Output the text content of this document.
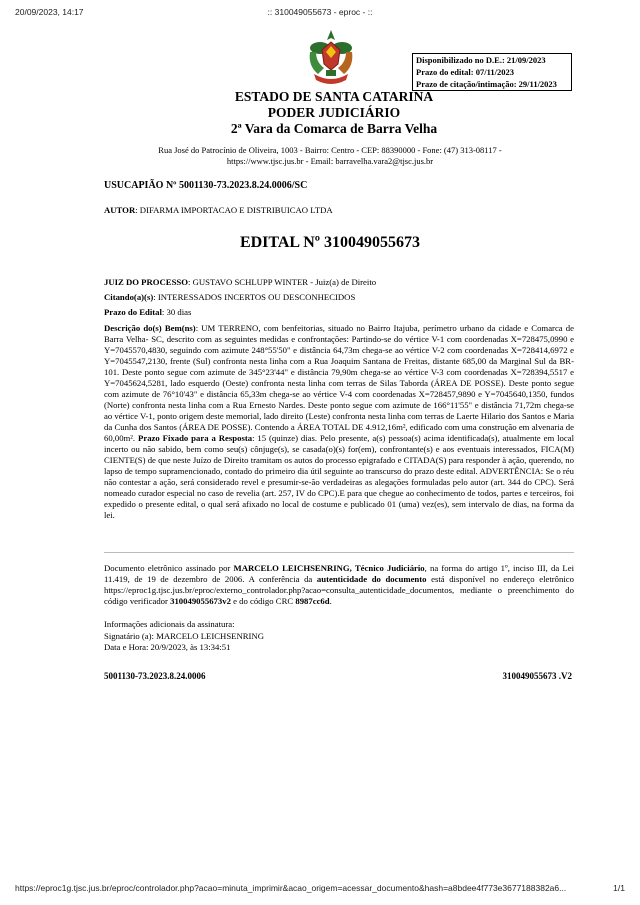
20/09/2023, 14:17	:: 310049055673 - eproc - ::
Disponibilizado no D.E.: 21/09/2023
Prazo do edital: 07/11/2023
Prazo de citação/intimação: 29/11/2023
ESTADO DE SANTA CATARINA
PODER JUDICIÁRIO
2ª Vara da Comarca de Barra Velha
Rua José do Patrocínio de Oliveira, 1003 - Bairro: Centro - CEP: 88390000 - Fone: (47) 313-08117 -
https://www.tjsc.jus.br - Email: barravelha.vara2@tjsc.jus.br
USUCAPIÃO Nº 5001130-73.2023.8.24.0006/SC
AUTOR: DIFARMA IMPORTACAO E DISTRIBUICAO LTDA
EDITAL Nº 310049055673
JUIZ DO PROCESSO: GUSTAVO SCHLUPP WINTER - Juiz(a) de Direito
Citando(a)(s): INTERESSADOS INCERTOS OU DESCONHECIDOS
Prazo do Edital: 30 dias
Descrição do(s) Bem(ns): UM TERRENO, com benfeitorias, situado no Bairro Itajuba, perímetro urbano da cidade e Comarca de Barra Velha- SC, descrito com as seguintes medidas e confrontações: Partindo-se do vértice V-1 com coordenadas X=728475,0990 e Y=7045570,4830, seguindo com azimute 248°55'50" e distância 64,73m chega-se ao vértice V-2 com coordenadas X=728414,6972 e Y=7045547,2130, frente (Sul) confronta nesta linha com a Rua Joaquim Santana de Freitas, distante 685,00 da Marginal Sul da BR-101. Deste ponto segue com azimute de 345°23'44" e distância 79,90m chega-se ao vértice V-3 com coordenadas X=728394,5517 e Y=7045624,5281, lado esquerdo (Oeste) confronta nesta linha com terras de Silas Taborda (ÁREA DE POSSE). Deste ponto segue com azimute de 76°10'43" e distância 65,33m chega-se ao vértice V-4 com coordenadas X=728457,9890 e Y=7045640,1350, fundos (Norte) confronta nesta linha com a Rua Ernesto Nardes. Deste ponto segue com azimute de 166°11'55" e distância 71,72m chega-se ao vértice V-1, ponto origem deste memorial, lado direito (Leste) confronta nesta linha com terras de Laerte Hilario dos Santos e Maria da Cunha dos Santos (ÁREA DE POSSE). Contendo a ÁREA TOTAL DE 4.912,16m², edificado com uma construção em alvenaria de 60,00m². Prazo Fixado para a Resposta: 15 (quinze) dias. Pelo presente, a(s) pessoa(s) acima identificada(s), atualmente em local incerto ou não sabido, bem como seu(s) cônjuge(s), se casada(o)(s) for(em), confrontante(s) e aos eventuais interessados, FICA(M) CIENTE(S) de que neste Juízo de Direito tramitam os autos do processo epigrafado e CITADA(S) para responder à ação, querendo, no lapso de tempo supramencionado, contado do primeiro dia útil seguinte ao transcurso do prazo deste edital. ADVERTÊNCIA: Se o réu não contestar a ação, será considerado revel e presumir-se-ão verdadeiras as alegações formuladas pelo autor (art. 344 do CPC). Será nomeado curador especial no caso de revelia (art. 257, IV do CPC).E para que chegue ao conhecimento de todos, partes e terceiros, foi expedido o presente edital, o qual será afixado no local de costume e publicado 01 (uma) vez(es), sem intervalo de dias, na forma da lei.
Documento eletrônico assinado por MARCELO LEICHSENRING, Técnico Judiciário, na forma do artigo 1º, inciso III, da Lei 11.419, de 19 de dezembro de 2006. A conferência da autenticidade do documento está disponível no endereço eletrônico https://eproc1g.tjsc.jus.br/eproc/externo_controlador.php?acao=consulta_autenticidade_documentos, mediante o preenchimento do código verificador 310049055673v2 e do código CRC 8987cc6d.
Informações adicionais da assinatura:
Signatário (a): MARCELO LEICHSENRING
Data e Hora: 20/9/2023, às 13:34:51
5001130-73.2023.8.24.0006	310049055673 .V2
https://eproc1g.tjsc.jus.br/eproc/controlador.php?acao=minuta_imprimir&acao_origem=acessar_documento&hash=a8bdee4f773e3677188382a6...	1/1
